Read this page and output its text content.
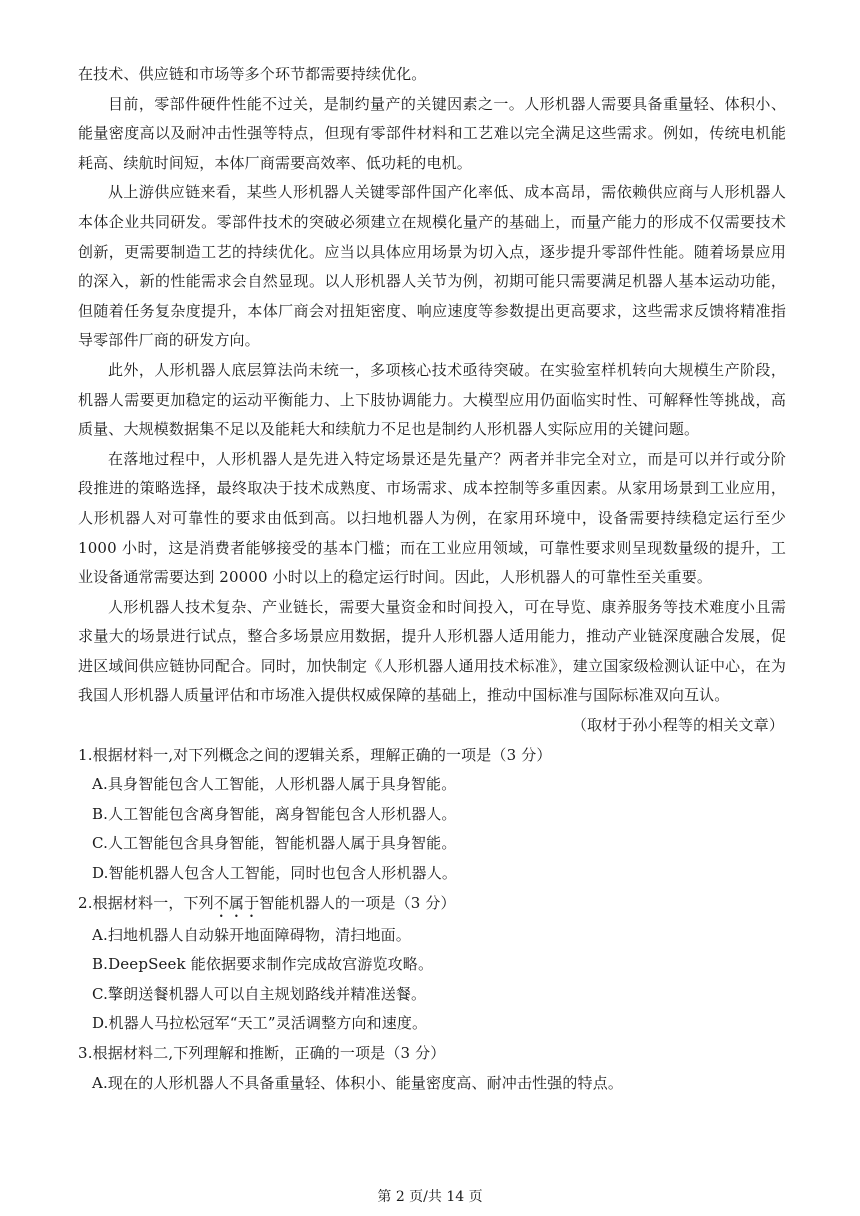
在技术、供应链和市场等多个环节都需要持续优化。

目前，零部件硬件性能不过关，是制约量产的关键因素之一。人形机器人需要具备重量轻、体积小、能量密度高以及耐冲击性强等特点，但现有零部件材料和工艺难以完全满足这些需求。例如，传统电机能耗高、续航时间短，本体厂商需要高效率、低功耗的电机。

从上游供应链来看，某些人形机器人关键零部件国产化率低、成本高昂，需依赖供应商与人形机器人本体企业共同研发。零部件技术的突破必须建立在规模化量产的基础上，而量产能力的形成不仅需要技术创新，更需要制造工艺的持续优化。应当以具体应用场景为切入点，逐步提升零部件性能。随着场景应用的深入，新的性能需求会自然显现。以人形机器人关节为例，初期可能只需要满足机器人基本运动功能，但随着任务复杂度提升，本体厂商会对扭矩密度、响应速度等参数提出更高要求，这些需求反馈将精准指导零部件厂商的研发方向。

此外，人形机器人底层算法尚未统一，多项核心技术亟待突破。在实验室样机转向大规模生产阶段，机器人需要更加稳定的运动平衡能力、上下肢协调能力。大模型应用仍面临实时性、可解释性等挑战，高质量、大规模数据集不足以及能耗大和续航力不足也是制约人形机器人实际应用的关键问题。

在落地过程中，人形机器人是先进入特定场景还是先量产？两者并非完全对立，而是可以并行或分阶段推进的策略选择，最终取决于技术成熟度、市场需求、成本控制等多重因素。从家用场景到工业应用，人形机器人对可靠性的要求由低到高。以扫地机器人为例，在家用环境中，设备需要持续稳定运行至少1000 小时，这是消费者能够接受的基本门槛；而在工业应用领域，可靠性要求则呈现数量级的提升，工业设备通常需要达到 20000 小时以上的稳定运行时间。因此，人形机器人的可靠性至关重要。

人形机器人技术复杂、产业链长，需要大量资金和时间投入，可在导览、康养服务等技术难度小且需求量大的场景进行试点，整合多场景应用数据，提升人形机器人适用能力，推动产业链深度融合发展，促进区域间供应链协同配合。同时，加快制定《人形机器人通用技术标准》，建立国家级检测认证中心，在为我国人形机器人质量评估和市场准入提供权威保障的基础上，推动中国标准与国际标准双向互认。

（取材于孙小程等的相关文章）

1.根据材料一,对下列概念之间的逻辑关系，理解正确的一项是（3 分）

A.具身智能包含人工智能，人形机器人属于具身智能。

B.人工智能包含离身智能，离身智能包含人形机器人。

C.人工智能包含具身智能，智能机器人属于具身智能。

D.智能机器人包含人工智能，同时也包含人形机器人。

2.根据材料一，下列不属于智能机器人的一项是（3 分）

A.扫地机器人自动躲开地面障碍物，清扫地面。

B.DeepSeek 能依据要求制作完成故宫游览攻略。

C.擎朗送餐机器人可以自主规划路线并精准送餐。

D.机器人马拉松冠军“天工”灵活调整方向和速度。

3.根据材料二,下列理解和推断，正确的一项是（3 分）

A.现在的人形机器人不具备重量轻、体积小、能量密度高、耐冲击性强的特点。

第 2 页/共 14 页
